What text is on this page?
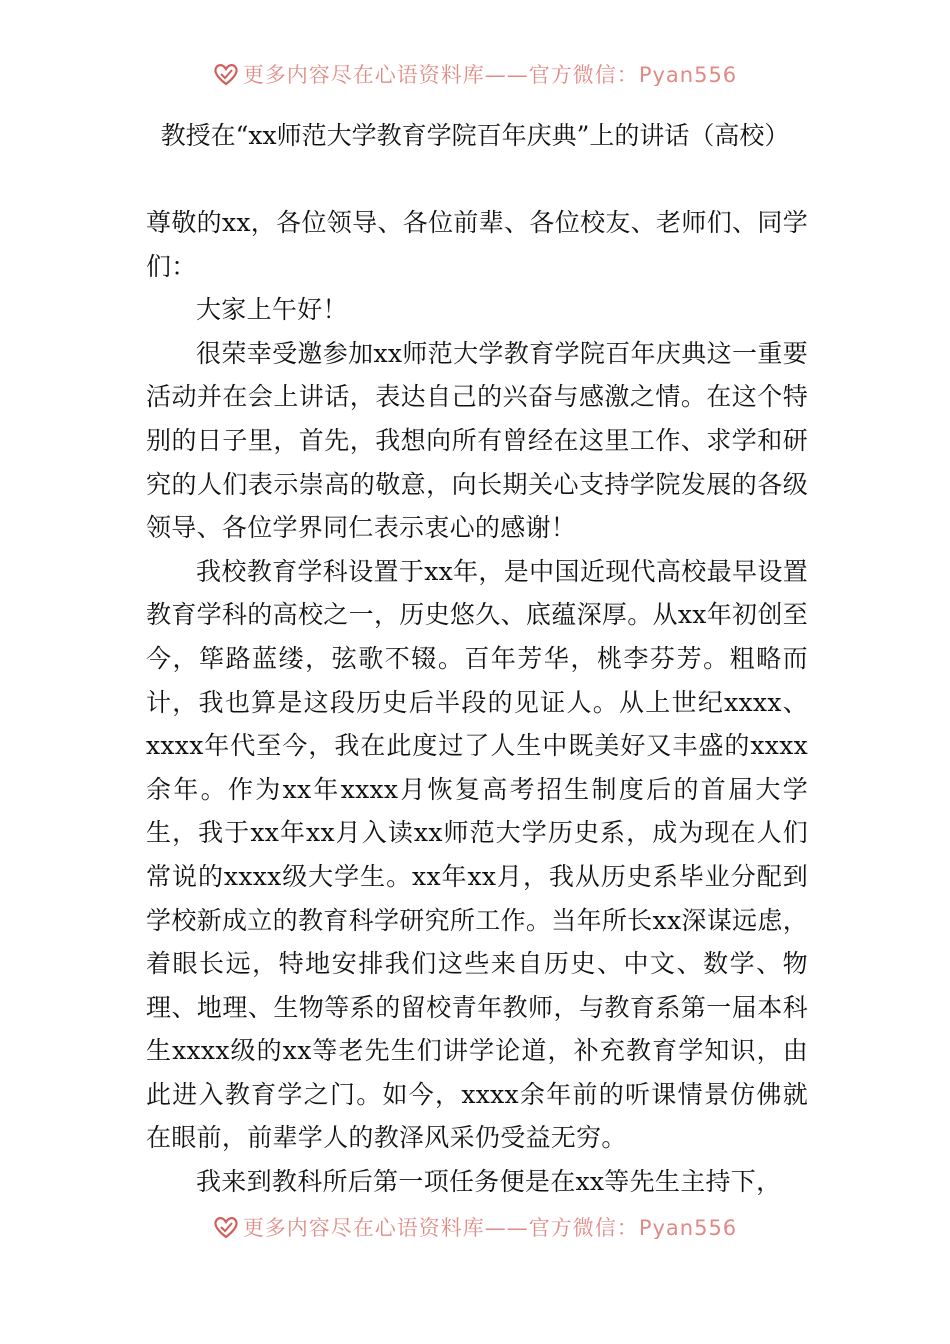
更多内容尽在心语资料库——官方微信：Pyan556
教授在“xx师范大学教育学院百年庆典”上的讲话（高校）

尊敬的xx，各位领导、各位前辈、各位校友、老师们、同学们：

大家上午好！

很荣幸受邀参加xx师范大学教育学院百年庆典这一重要活动并在会上讲话，表达自己的兴奋与感激之情。在这个特别的日子里，首先，我想向所有曾经在这里工作、求学和研究的人们表示崇高的敬意，向长期关心支持学院发展的各级领导、各位学界同仁表示衷心的感谢！

我校教育学科设置于xx年，是中国近现代高校最早设置教育学科的高校之一，历史悠久、底蕴深厚。从xx年初创至今，筚路蓝缕，弦歌不辍。百年芳华，桃李芬芳。粗略而计，我也算是这段历史后半段的见证人。从上世纪xxxx、xxxx年代至今，我在此度过了人生中既美好又丰盛的xxxx余年。作为xx年xxxx月恢复高考招生制度后的首届大学生，我于xx年xx月入读xx师范大学历史系，成为现在人们常说的xxxx级大学生。xx年xx月，我从历史系毕业分配到学校新成立的教育科学研究所工作。当年所长xx深谋远虑，着眼长远，特地安排我们这些来自历史、中文、数学、物理、地理、生物等系的留校青年教师，与教育系第一届本科生xxxx级的xx等老先生们讲学论道，补充教育学知识，由此进入教育学之门。如今，xxxx余年前的听课情景仿佛就在眼前，前辈学人的教泽风采仍受益无穷。

我来到教科所后第一项任务便是在xx等先生主持下，

更多内容尽在心语资料库——官方微信：Pyan556
